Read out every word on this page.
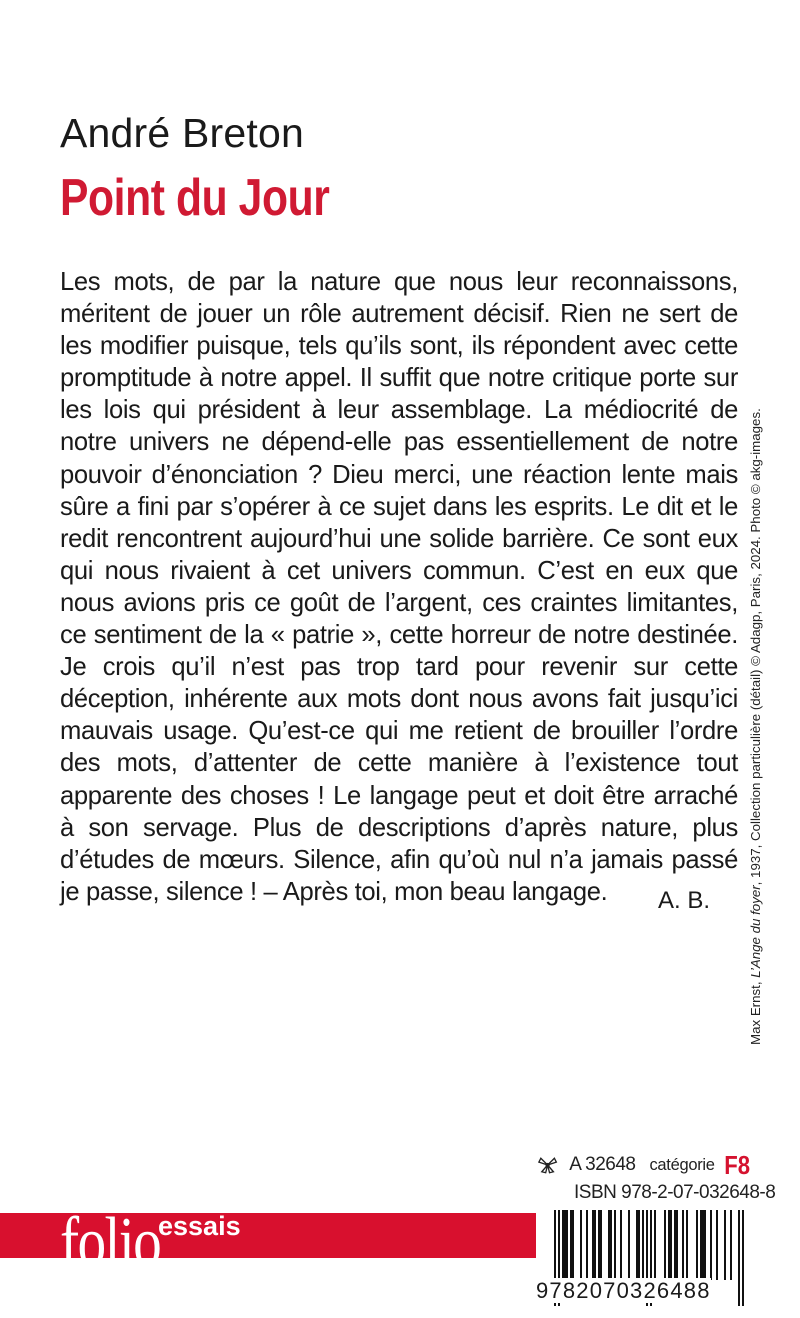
André Breton
Point du Jour

Les mots, de par la nature que nous leur reconnaissons, méritent de jouer un rôle autrement décisif. Rien ne sert de les modifier puisque, tels qu’ils sont, ils répondent avec cette promptitude à notre appel. Il suffit que notre critique porte sur les lois qui président à leur assemblage. La médiocrité de notre univers ne dépend-elle pas essentiellement de notre pouvoir d’énonciation ? Dieu merci, une réaction lente mais sûre a fini par s’opérer à ce sujet dans les esprits. Le dit et le redit rencontrent aujourd’hui une solide barrière. Ce sont eux qui nous rivaient à cet univers commun. C’est en eux que nous avions pris ce goût de l’argent, ces craintes limitantes, ce sentiment de la « patrie », cette horreur de notre destinée. Je crois qu’il n’est pas trop tard pour revenir sur cette déception, inhérente aux mots dont nous avons fait jusqu’ici mauvais usage. Qu’est-ce qui me retient de brouiller l’ordre des mots, d’attenter de cette manière à l’existence tout apparente des choses ! Le langage peut et doit être arraché à son servage. Plus de descriptions d’après nature, plus d’études de mœurs. Silence, afin qu’où nul n’a jamais passé je passe, silence ! – Après toi, mon beau langage.	A. B.

Max Ernst, L’Ange du foyer, 1937, Collection particulière (détail) © Adagp, Paris, 2024. Photo © akg-images.
A 32648 catégorie F8
ISBN 978-2-07-032648-8
folio
essais
9782070326488
